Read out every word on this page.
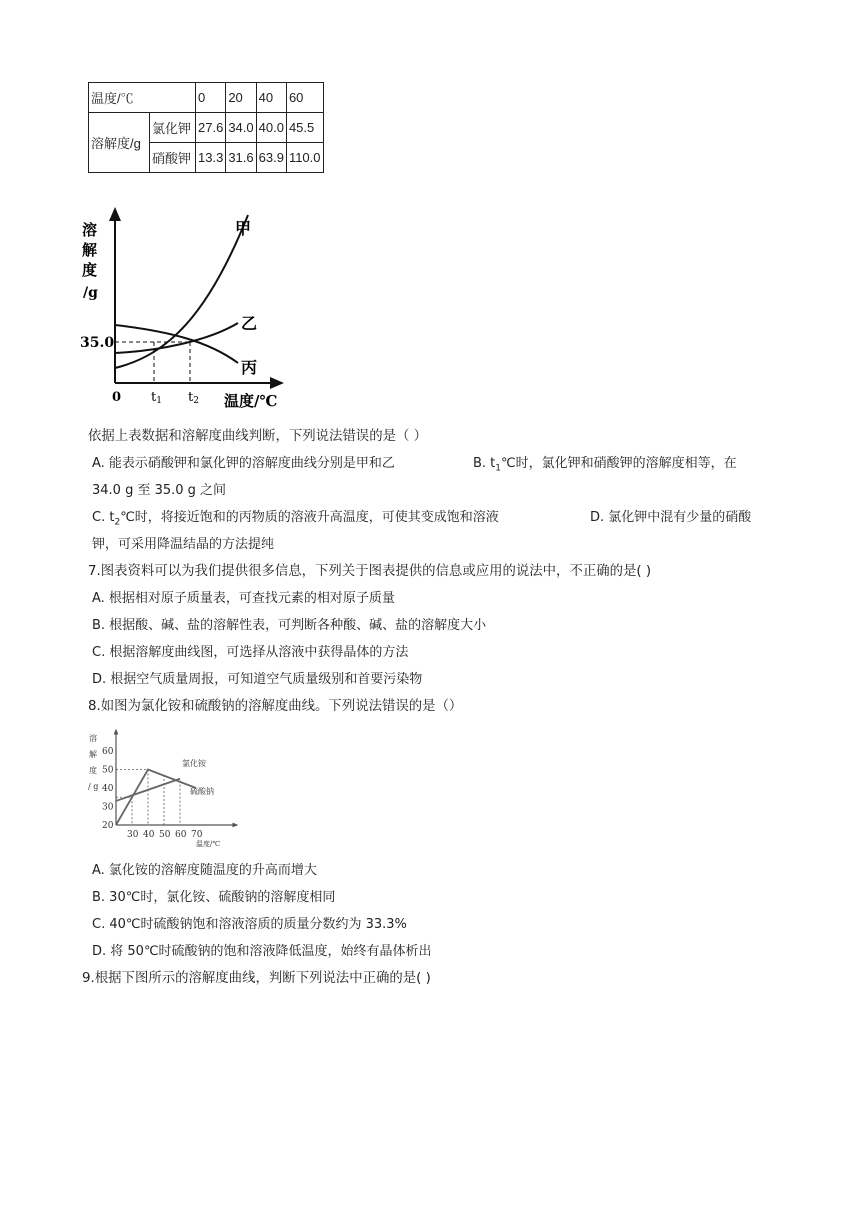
温度/℃		0	20	40	60
溶解度/g	氯化钾	27.6	34.0	40.0	45.5
	硝酸钾	13.3	31.6	63.9	110.0
溶
解
度
/g
35.0
0 t1 t2 温度/℃
甲
乙
丙
依据上表数据和溶解度曲线判断，下列说法错误的是（ ）
A. 能表示硝酸钾和氯化钾的溶解度曲线分别是甲和乙	B. $t_1℃$时，氯化钾和硝酸钾的溶解度相等，在
34.0 g 至 35.0 g 之间
C. $t_2℃$时，将接近饱和的丙物质的溶液升高温度，可使其变成饱和溶液	D. 氯化钾中混有少量的硝酸
钾，可采用降温结晶的方法提纯
7.图表资料可以为我们提供很多信息，下列关于图表提供的信息或应用的说法中，不正确的是( )
A. 根据相对原子质量表，可查找元素的相对原子质量
B. 根据酸、碱、盐的溶解性表，可判断各种酸、碱、盐的溶解度大小
C. 根据溶解度曲线图，可选择从溶液中获得晶体的方法
D. 根据空气质量周报，可知道空气质量级别和首要污染物
8.如图为氯化铵和硫酸钠的溶解度曲线。下列说法错误的是（）
20
30
40
50
60
30 40 50 60 70
溶
解
度
/ g
氯化铵
硫酸钠
温度/℃
A. 氯化铵的溶解度随温度的升高而增大
B. 30℃时，氯化铵、硫酸钠的溶解度相同
C. 40℃时硫酸钠饱和溶液溶质的质量分数约为 33.3%
D. 将 50℃时硫酸钠的饱和溶液降低温度，始终有晶体析出
9.根据下图所示的溶解度曲线，判断下列说法中正确的是( )
